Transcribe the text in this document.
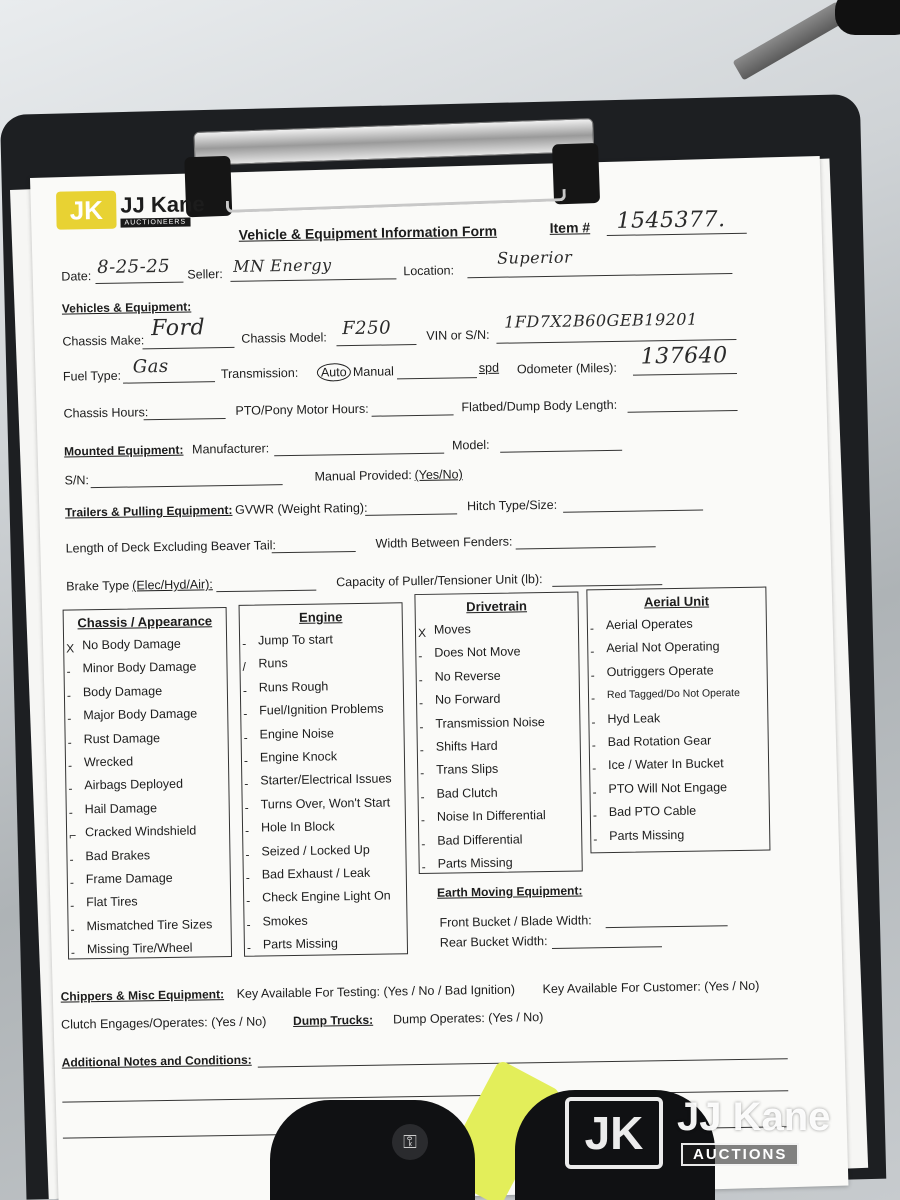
JK JJ Kane
AUCTIONEERS
Vehicle & Equipment Information Form	Item # 1545377.
Date: 8-25-25 Seller: MN Energy	Location:
Superior
Vehicles & Equipment:
Chassis Make: Ford	Chassis Model: F250	VIN or S/N:
1FD7X2B60GEB19201
Fuel Type: Gas	Transmission:	Auto Manual	spd Odometer (Miles): 137640
Chassis Hours:	PTO/Pony Motor Hours:	Flatbed/Dump Body Length:
Mounted Equipment: Manufacturer:	Model:
S/N:	Manual Provided: (Yes/No)
Trailers & Pulling Equipment: GVWR (Weight Rating):	Hitch Type/Size:
Length of Deck Excluding Beaver Tail:	Width Between Fenders:
Brake Type (Elec/Hyd/Air):	Capacity of Puller/Tensioner Unit (lb):
Chassis / Appearance
X No Body Damage
‐ Minor Body Damage
‐ Body Damage
‐ Major Body Damage
‐ Rust Damage
‐ Wrecked
‐ Airbags Deployed
‐ Hail Damage
⌐ Cracked Windshield
‐ Bad Brakes
‐ Frame Damage
‐ Flat Tires
‐ Mismatched Tire Sizes
‐ Missing Tire/Wheel
Engine
‐ Jump To start
/ Runs
‐ Runs Rough
‐ Fuel/Ignition Problems
‐ Engine Noise
‐ Engine Knock
‐ Starter/Electrical Issues
‐ Turns Over, Won't Start
‐ Hole In Block
‐ Seized / Locked Up
‐ Bad Exhaust / Leak
‐ Check Engine Light On
‐ Smokes
‐ Parts Missing
Drivetrain
X Moves
‐ Does Not Move
‐ No Reverse
‐ No Forward
‐ Transmission Noise
‐ Shifts Hard
‐ Trans Slips
‐ Bad Clutch
‐ Noise In Differential
‐ Bad Differential
‐ Parts Missing
Aerial Unit
‐ Aerial Operates
‐ Aerial Not Operating
‐ Outriggers Operate
‐ Red Tagged/Do Not Operate
‐ Hyd Leak
‐ Bad Rotation Gear
‐ Ice / Water In Bucket
‐ PTO Will Not Engage
‐ Bad PTO Cable
‐ Parts Missing
Earth Moving Equipment:
Front Bucket / Blade Width:
Rear Bucket Width:
Chippers & Misc Equipment: Key Available For Testing: (Yes / No / Bad Ignition) Key Available For Customer: (Yes / No)
Clutch Engages/Operates: (Yes / No) Dump Trucks: Dump Operates: (Yes / No)
Additional Notes and Conditions:
⚿	JK JJ Kane
AUCTIONS
